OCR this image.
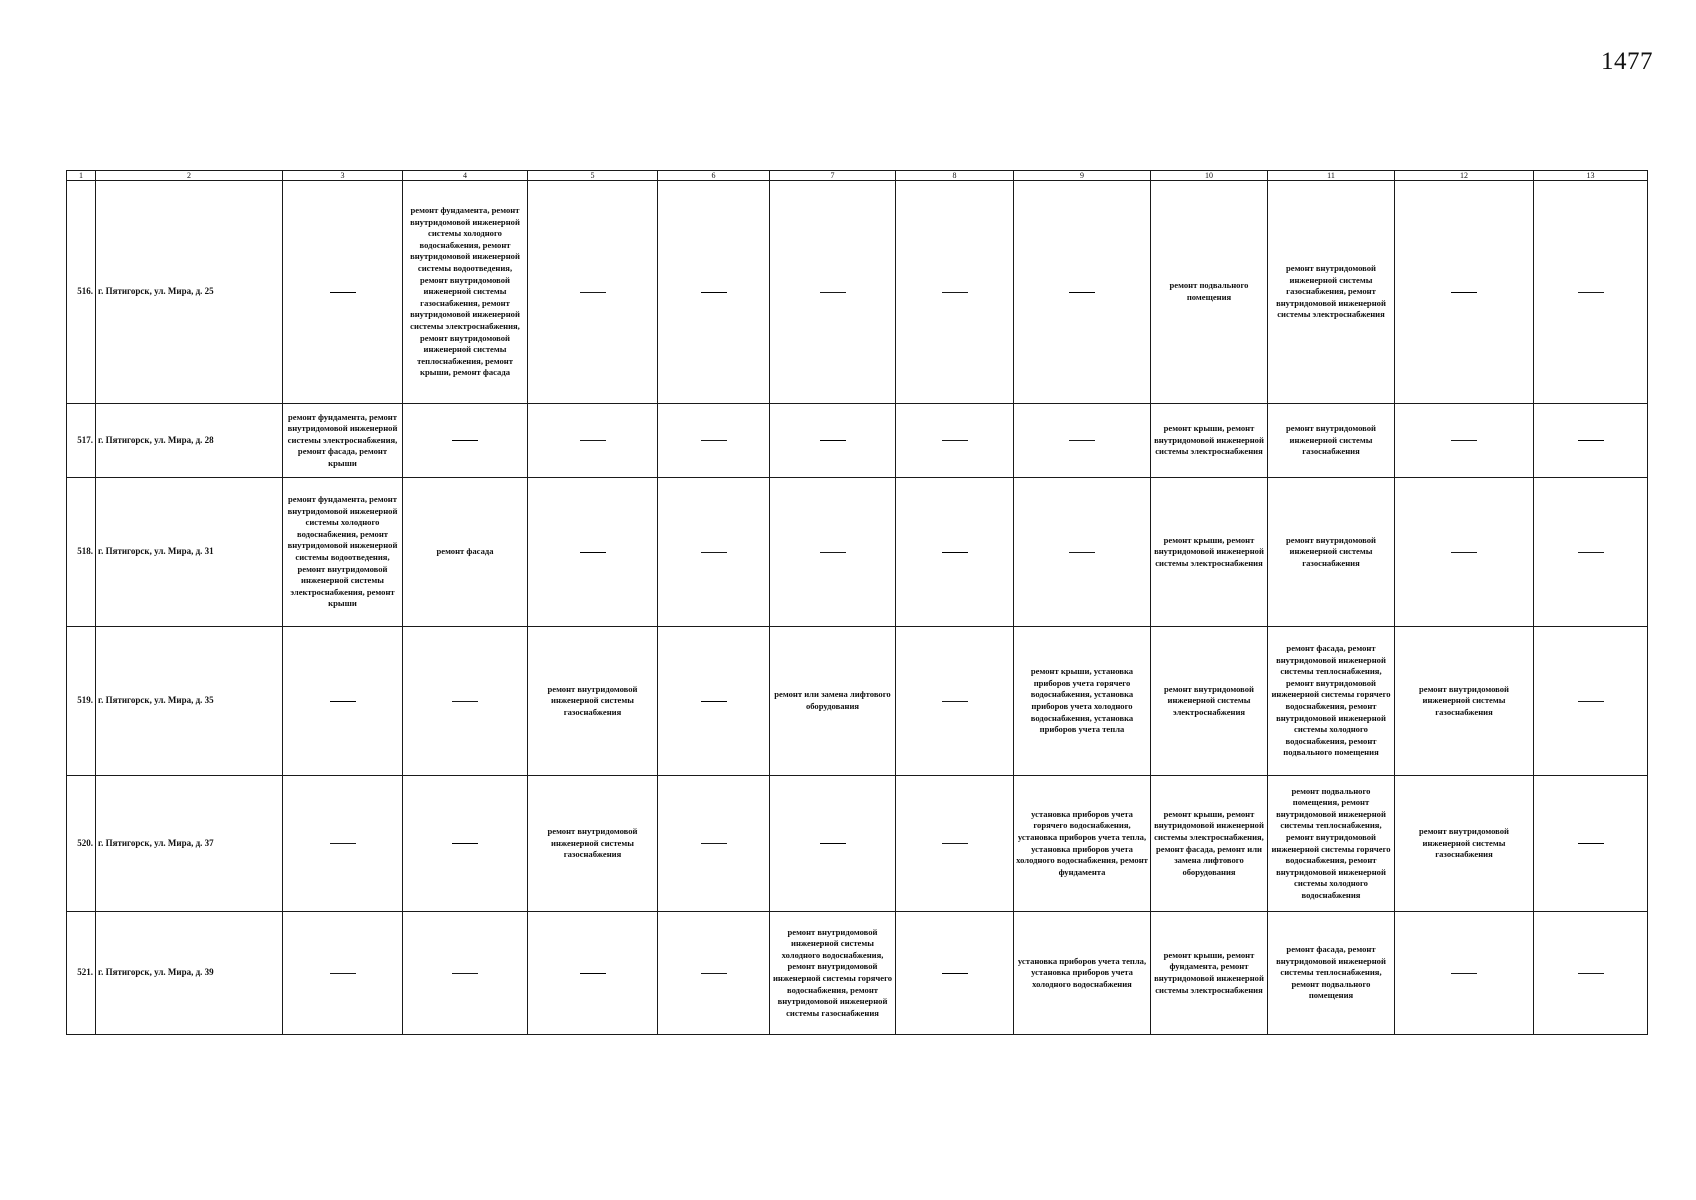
1477
1	2	3	4	5	6	7	8	9	10	11	12	13
516.	г. Пятигорск, ул. Мира, д. 25		ремонт фундамента, ремонт внутридомовой инженерной системы холодного водоснабжения, ремонт внутридомовой инженерной системы водоотведения, ремонт внутридомовой инженерной системы газоснабжения, ремонт внутридомовой инженерной системы электроснабжения, ремонт внутридомовой инженерной системы теплоснабжения, ремонт крыши, ремонт фасада						ремонт подвального помещения	ремонт внутридомовой инженерной системы газоснабжения, ремонт внутридомовой инженерной системы электроснабжения		
517.	г. Пятигорск, ул. Мира, д. 28	ремонт фундамента, ремонт внутридомовой инженерной системы электроснабжения, ремонт фасада, ремонт крыши							ремонт крыши, ремонт внутридомовой инженерной системы электроснабжения	ремонт внутридомовой инженерной системы газоснабжения		
518.	г. Пятигорск, ул. Мира, д. 31	ремонт фундамента, ремонт внутридомовой инженерной системы холодного водоснабжения, ремонт внутридомовой инженерной системы водоотведения, ремонт внутридомовой инженерной системы электроснабжения, ремонт крыши	ремонт фасада						ремонт крыши, ремонт внутридомовой инженерной системы электроснабжения	ремонт внутридомовой инженерной системы газоснабжения		
519.	г. Пятигорск, ул. Мира, д. 35			ремонт внутридомовой инженерной системы газоснабжения		ремонт или замена лифтового оборудования		ремонт крыши, установка приборов учета горячего водоснабжения, установка приборов учета холодного водоснабжения, установка приборов учета тепла	ремонт внутридомовой инженерной системы электроснабжения	ремонт фасада, ремонт внутридомовой инженерной системы теплоснабжения, ремонт внутридомовой инженерной системы горячего водоснабжения, ремонт внутридомовой инженерной системы холодного водоснабжения, ремонт подвального помещения	ремонт внутридомовой инженерной системы газоснабжения	
520.	г. Пятигорск, ул. Мира, д. 37			ремонт внутридомовой инженерной системы газоснабжения				установка приборов учета горячего водоснабжения, установка приборов учета тепла, установка приборов учета холодного водоснабжения, ремонт фундамента	ремонт крыши, ремонт внутридомовой инженерной системы электроснабжения, ремонт фасада, ремонт или замена лифтового оборудования	ремонт подвального помещения, ремонт внутридомовой инженерной системы теплоснабжения, ремонт внутридомовой инженерной системы горячего водоснабжения, ремонт внутридомовой инженерной системы холодного водоснабжения	ремонт внутридомовой инженерной системы газоснабжения	
521.	г. Пятигорск, ул. Мира, д. 39					ремонт внутридомовой инженерной системы холодного водоснабжения, ремонт внутридомовой инженерной системы горячего водоснабжения, ремонт внутридомовой инженерной системы газоснабжения		установка приборов учета тепла, установка приборов учета холодного водоснабжения	ремонт крыши, ремонт фундамента, ремонт внутридомовой инженерной системы электроснабжения	ремонт фасада, ремонт внутридомовой инженерной системы теплоснабжения, ремонт подвального помещения		
